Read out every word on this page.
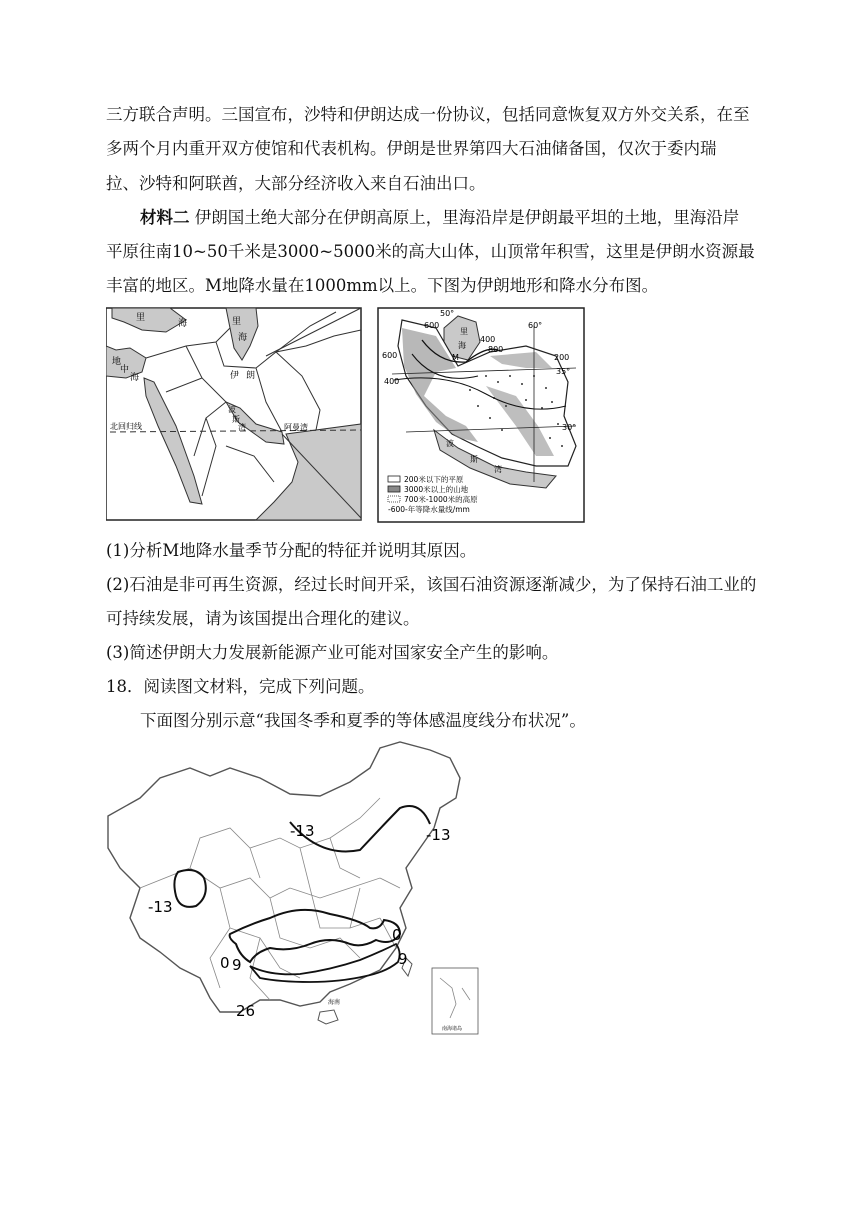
三方联合声明。三国宣布，沙特和伊朗达成一份协议，包括同意恢复双方外交关系，在至
多两个月内重开双方使馆和代表机构。伊朗是世界第四大石油储备国，仅次于委内瑞
拉、沙特和阿联酋，大部分经济收入来自石油出口。
材料二 伊朗国土绝大部分在伊朗高原上，里海沿岸是伊朗最平坦的土地，里海沿岸
平原往南10~50千米是3000~5000米的高大山体，山顶常年积雪，这里是伊朗水资源最
丰富的地区。M地降水量在1000mm以上。下图为伊朗地形和降水分布图。
里
海	里
海
地
中
海	伊 朗
波
斯
湾
北回归线	阿曼湾
50°
60°
35°
30°
600
400
800
200
600
400
里
海
M
波
斯
湾
200米以下的平原
3000米以上的山地
700米-1000米的高原
-600-年等降水量线/mm
(1)分析M地降水量季节分配的特征并说明其原因。
(2)石油是非可再生资源，经过长时间开采，该国石油资源逐渐减少，为了保持石油工业的
可持续发展，请为该国提出合理化的建议。
(3)简述伊朗大力发展新能源产业可能对国家安全产生的影响。
18．阅读图文材料，完成下列问题。
下面图分别示意“我国冬季和夏季的等体感温度线分布状况”。
-13	-13
-13
0
0 9	9
26	海南
南海诸岛
